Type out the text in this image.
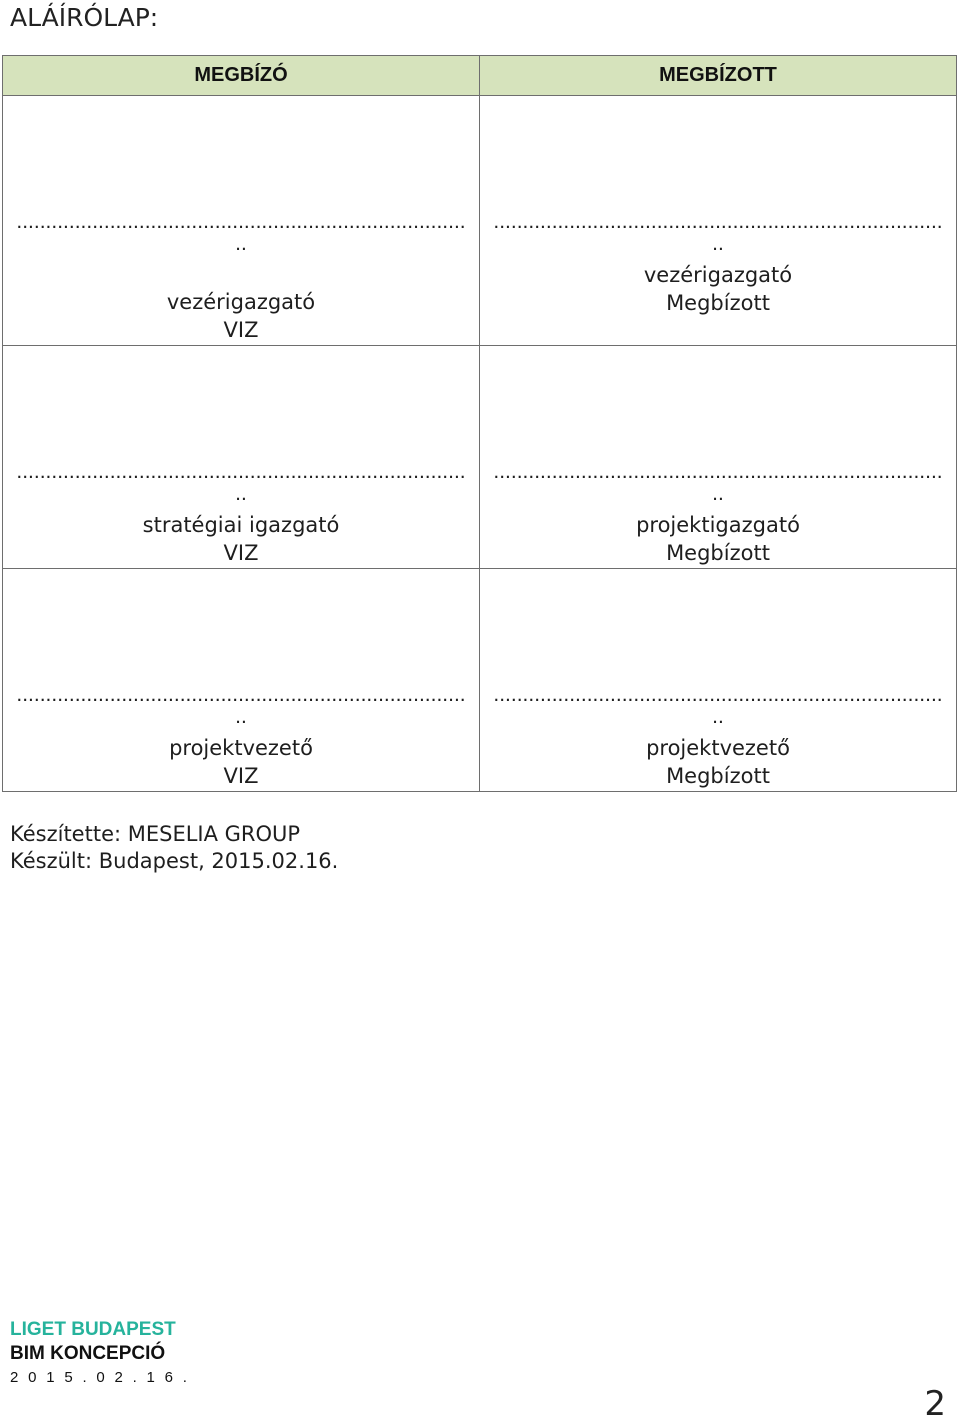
ALÁÍRÓLAP:
MEGBÍZÓ	MEGBÍZOTT
.............................................................................
..
vezérigazgató
VIZ
.............................................................................
..
vezérigazgató
Megbízott
.............................................................................
..
stratégiai igazgató
VIZ
.............................................................................
..
projektigazgató
Megbízott
.............................................................................
..
projektvezető
VIZ
.............................................................................
..
projektvezető
Megbízott
Készítette: MESELIA GROUP
Készült: Budapest, 2015.02.16.
LIGET BUDAPEST
BIM KONCEPCIÓ
2 0 1 5 . 0 2 . 1 6 .
2
